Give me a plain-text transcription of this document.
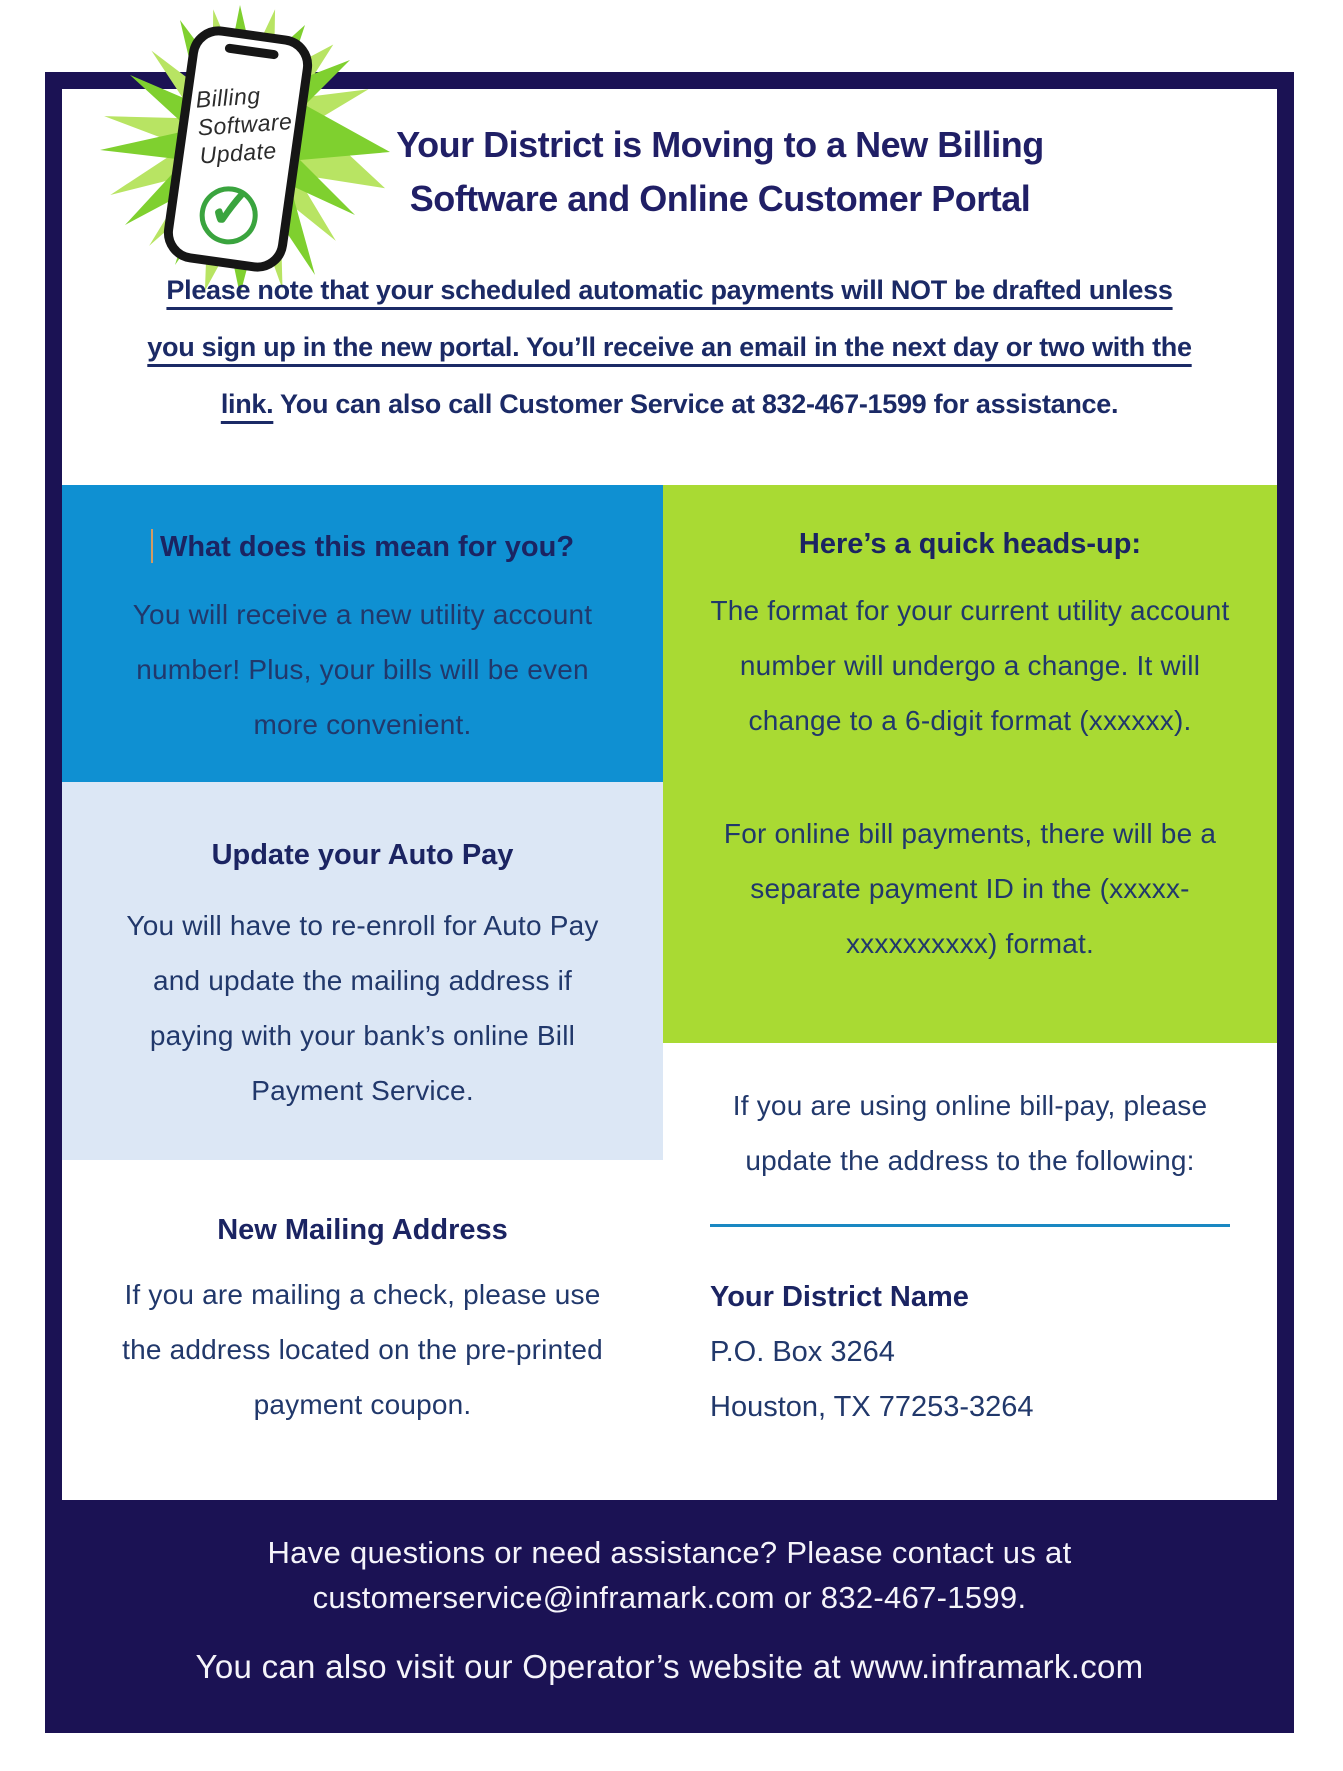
Billing
Software
Update
✓
Your District is Moving to a New Billing
Software and Online Customer Portal
Please note that your scheduled automatic payments will NOT be drafted unless
you sign up in the new portal. You’ll receive an email in the next day or two with the
link. You can also call Customer Service at 832-467-1599 for assistance.
What does this mean for you?

You will receive a new utility account number! Plus, your bills will be even more convenient.

Here’s a quick heads-up:

The format for your current utility account number will undergo a change. It will change to a 6-digit format (xxxxxx).

For online bill payments, there will be a separate payment ID in the (xxxxx-xxxxxxxxxx) format.

Update your Auto Pay

You will have to re-enroll for Auto Pay and update the mailing address if paying with your bank’s online Bill Payment Service.

New Mailing Address

If you are mailing a check, please use the address located on the pre-printed payment coupon.

If you are using online bill-pay, please update the address to the following:

Your District Name
P.O. Box 3264
Houston, TX 77253-3264
Have questions or need assistance? Please contact us at
customerservice@inframark.com or 832-467-1599.
You can also visit our Operator’s website at www.inframark.com
